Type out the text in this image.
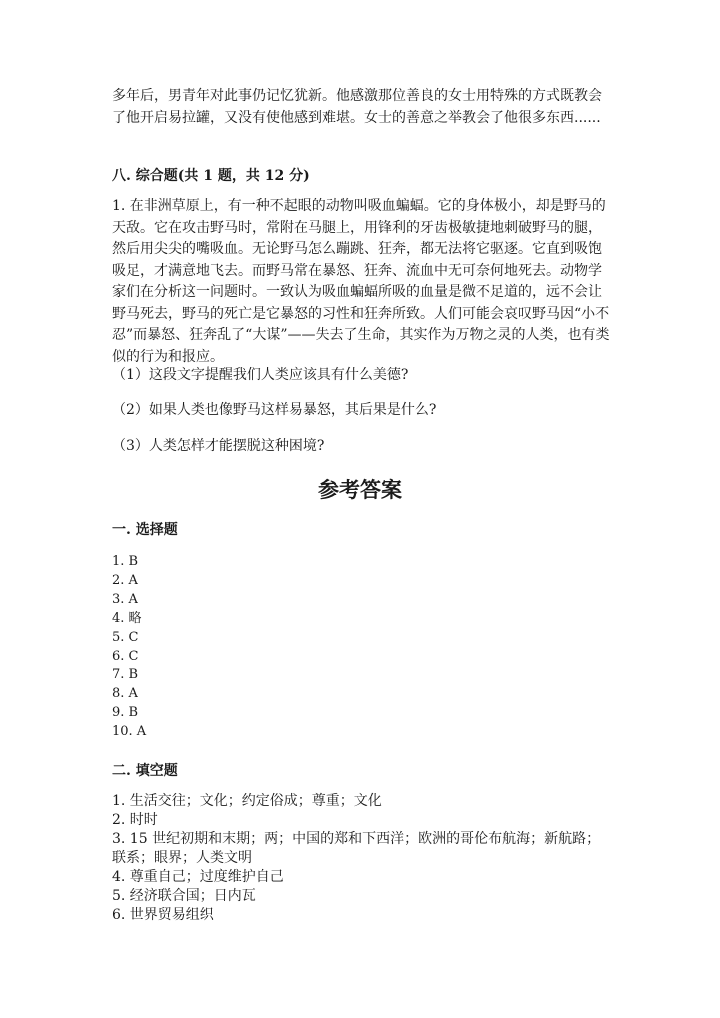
多年后，男青年对此事仍记忆犹新。他感激那位善良的女士用特殊的方式既教会了他开启易拉罐，又没有使他感到难堪。女士的善意之举教会了他很多东西......

八. 综合题(共 1 题，共 12 分)

1. 在非洲草原上，有一种不起眼的动物叫吸血蝙蝠。它的身体极小，却是野马的天敌。它在攻击野马时，常附在马腿上，用锋利的牙齿极敏捷地刺破野马的腿，然后用尖尖的嘴吸血。无论野马怎么蹦跳、狂奔，都无法将它驱逐。它直到吸饱吸足，才满意地飞去。而野马常在暴怒、狂奔、流血中无可奈何地死去。动物学家们在分析这一问题时。一致认为吸血蝙蝠所吸的血量是微不足道的，远不会让野马死去，野马的死亡是它暴怒的习性和狂奔所致。人们可能会哀叹野马因“小不忍”而暴怒、狂奔乱了“大谋”——失去了生命，其实作为万物之灵的人类，也有类似的行为和报应。

（1）这段文字提醒我们人类应该具有什么美德?
（2）如果人类也像野马这样易暴怒，其后果是什么?
（3）人类怎样才能摆脱这种困境?
参考答案
一. 选择题
1. B
2. A
3. A
4. 略
5. C
6. C
7. B
8. A
9. B
10. A
二. 填空题
1. 生活交往；文化；约定俗成；尊重；文化
2. 时时
3. 15 世纪初期和末期；两；中国的郑和下西洋；欧洲的哥伦布航海；新航路；联系；眼界；人类文明
4. 尊重自己；过度维护自己
5. 经济联合国；日内瓦
6. 世界贸易组织
